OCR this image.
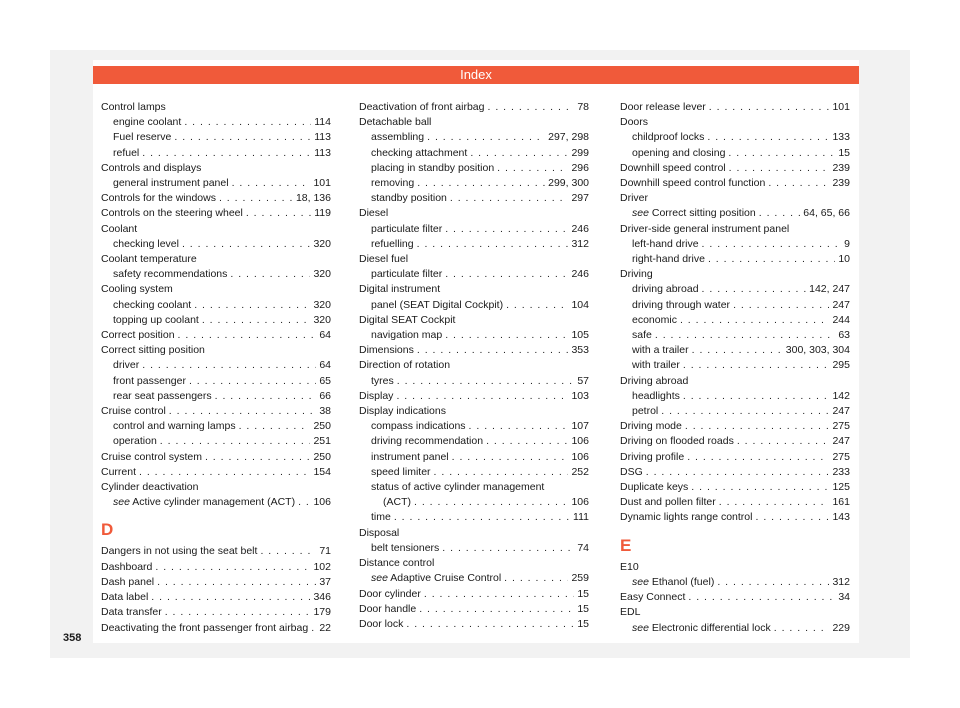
Index
358
Control lamps
engine coolant . . .	114
Fuel reserve . . .	113
refuel . . .	113
Controls and displays
general instrument panel . . .	101
Controls for the windows . . .	18, 136
Controls on the steering wheel . . .	119
Coolant
checking level . . .	320
Coolant temperature
safety recommendations . . .	320
Cooling system
checking coolant . . .	320
topping up coolant . . .	320
Correct position . . .	64
Correct sitting position
driver . . .	64
front passenger . . .	65
rear seat passengers . . .	66
Cruise control . . .	38
control and warning lamps . . .	250
operation . . .	251
Cruise control system . . .	250
Current . . .	154
Cylinder deactivation
see Active cylinder management (ACT) . . . 106
D
Dangers in not using the seat belt . . .	71
Dashboard . . .	102
Dash panel . . .	37
Data label . . .	346
Data transfer . . .	179
Deactivating the front passenger front airbag . . . 22
Deactivation of front airbag . . .	78
Detachable ball
assembling . . .	297, 298
checking attachment . . .	299
placing in standby position . . .	296
removing . . .	299, 300
standby position . . .	297
Diesel
particulate filter . . .	246
refuelling . . .	312
Diesel fuel
particulate filter . . .	246
Digital instrument
panel (SEAT Digital Cockpit) . . .	104
Digital SEAT Cockpit
navigation map . . .	105
Dimensions . . .	353
Direction of rotation
tyres . . .	57
Display . . .	103
Display indications
compass indications . . .	107
driving recommendation . . .	106
instrument panel . . .	106
speed limiter . . .	252
status of active cylinder management
(ACT) . . .	106
time . . .	111
Disposal
belt tensioners . . .	74
Distance control
see Adaptive Cruise Control . . .	259
Door cylinder . . .	15
Door handle . . .	15
Door lock . . .	15
Door release lever . . .	101
Doors
childproof locks . . .	133
opening and closing . . .	15
Downhill speed control . . .	239
Downhill speed control function . . .	239
Driver
see Correct sitting position . . .	64, 65, 66
Driver-side general instrument panel
left-hand drive . . .	9
right-hand drive . . .	10
Driving
driving abroad . . .	142, 247
driving through water . . .	247
economic . . .	244
safe . . .	63
with a trailer . . .	300, 303, 304
with trailer . . .	295
Driving abroad
headlights . . .	142
petrol . . .	247
Driving mode . . .	275
Driving on flooded roads . . .	247
Driving profile . . .	275
DSG . . .	233
Duplicate keys . . .	125
Dust and pollen filter . . .	161
Dynamic lights range control . . .	143
E
E10
see Ethanol (fuel) . . .	312
Easy Connect . . .	34
EDL
see Electronic differential lock . . .	229
